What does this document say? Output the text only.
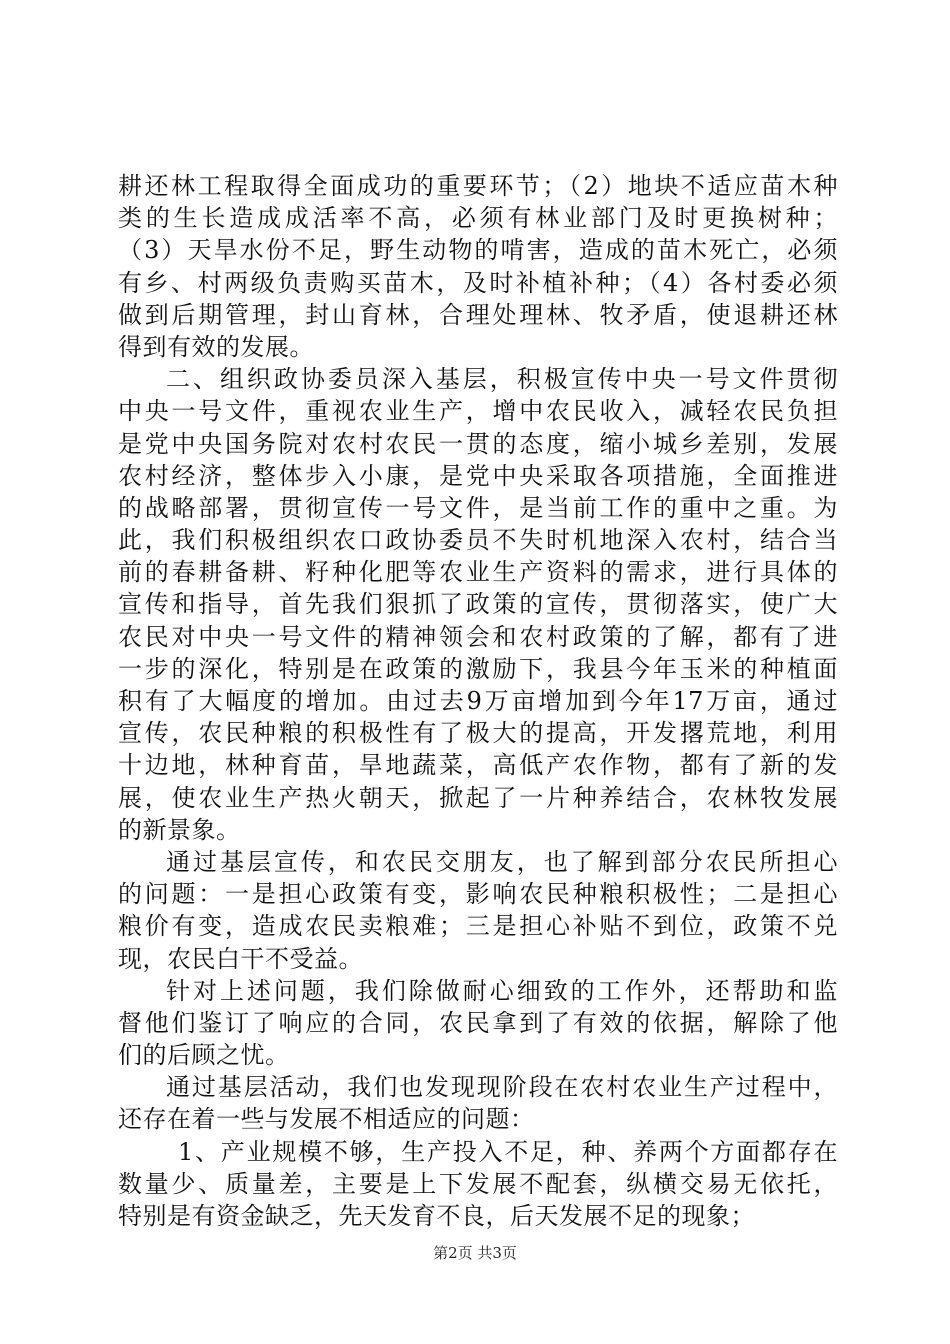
耕还林工程取得全面成功的重要环节；（2）地块不适应苗木种
类的生长造成成活率不高，必须有林业部门及时更换树种；
（3）天旱水份不足，野生动物的啃害，造成的苗木死亡，必须
有乡、村两级负责购买苗木，及时补植补种；（4）各村委必须
做到后期管理，封山育林，合理处理林、牧矛盾，使退耕还林
得到有效的发展。
二、组织政协委员深入基层，积极宣传中央一号文件贯彻
中央一号文件，重视农业生产，增中农民收入，减轻农民负担
是党中央国务院对农村农民一贯的态度，缩小城乡差别，发展
农村经济，整体步入小康，是党中央采取各项措施，全面推进
的战略部署，贯彻宣传一号文件，是当前工作的重中之重。为
此，我们积极组织农口政协委员不失时机地深入农村，结合当
前的春耕备耕、籽种化肥等农业生产资料的需求，进行具体的
宣传和指导，首先我们狠抓了政策的宣传，贯彻落实，使广大
农民对中央一号文件的精神领会和农村政策的了解，都有了进
一步的深化，特别是在政策的激励下，我县今年玉米的种植面
积有了大幅度的增加。由过去9万亩增加到今年17万亩，通过
宣传，农民种粮的积极性有了极大的提高，开发撂荒地，利用
十边地，林种育苗，旱地蔬菜，高低产农作物，都有了新的发
展，使农业生产热火朝天，掀起了一片种养结合，农林牧发展
的新景象。
通过基层宣传，和农民交朋友，也了解到部分农民所担心
的问题：一是担心政策有变，影响农民种粮积极性；二是担心
粮价有变，造成农民卖粮难；三是担心补贴不到位，政策不兑
现，农民白干不受益。
针对上述问题，我们除做耐心细致的工作外，还帮助和监
督他们鉴订了响应的合同，农民拿到了有效的依据，解除了他
们的后顾之忧。
通过基层活动，我们也发现现阶段在农村农业生产过程中，
还存在着一些与发展不相适应的问题：
1、产业规模不够，生产投入不足，种、养两个方面都存在
数量少、质量差，主要是上下发展不配套，纵横交易无依托，
特别是有资金缺乏，先天发育不良，后天发展不足的现象；
第2页 共3页
